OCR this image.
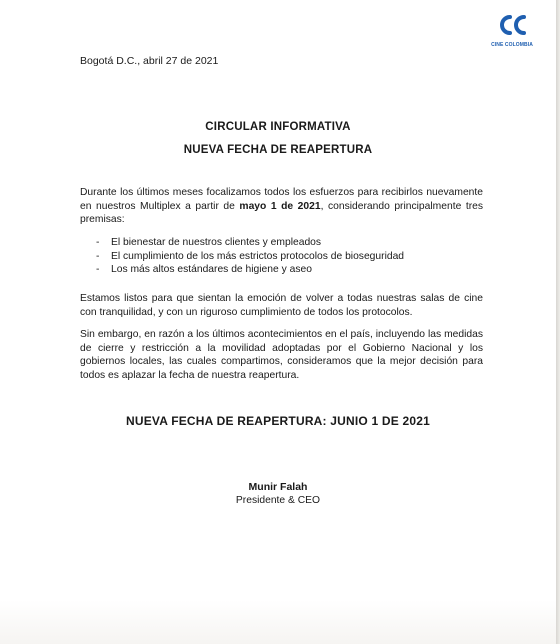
CINE COLOMBIA
Bogotá D.C., abril 27 de 2021
CIRCULAR INFORMATIVA
NUEVA FECHA DE REAPERTURA
Durante los últimos meses focalizamos todos los esfuerzos para recibirlos nuevamente en nuestros Multiplex a partir de mayo 1 de 2021, considerando principalmente tres premisas:
- El bienestar de nuestros clientes y empleados
- El cumplimiento de los más estrictos protocolos de bioseguridad
- Los más altos estándares de higiene y aseo
Estamos listos para que sientan la emoción de volver a todas nuestras salas de cine con tranquilidad, y con un riguroso cumplimiento de todos los protocolos.
Sin embargo, en razón a los últimos acontecimientos en el país, incluyendo las medidas de cierre y restricción a la movilidad adoptadas por el Gobierno Nacional y los gobiernos locales, las cuales compartimos, consideramos que la mejor decisión para todos es aplazar la fecha de nuestra reapertura.
NUEVA FECHA DE REAPERTURA: JUNIO 1 DE 2021
Munir Falah
Presidente & CEO
